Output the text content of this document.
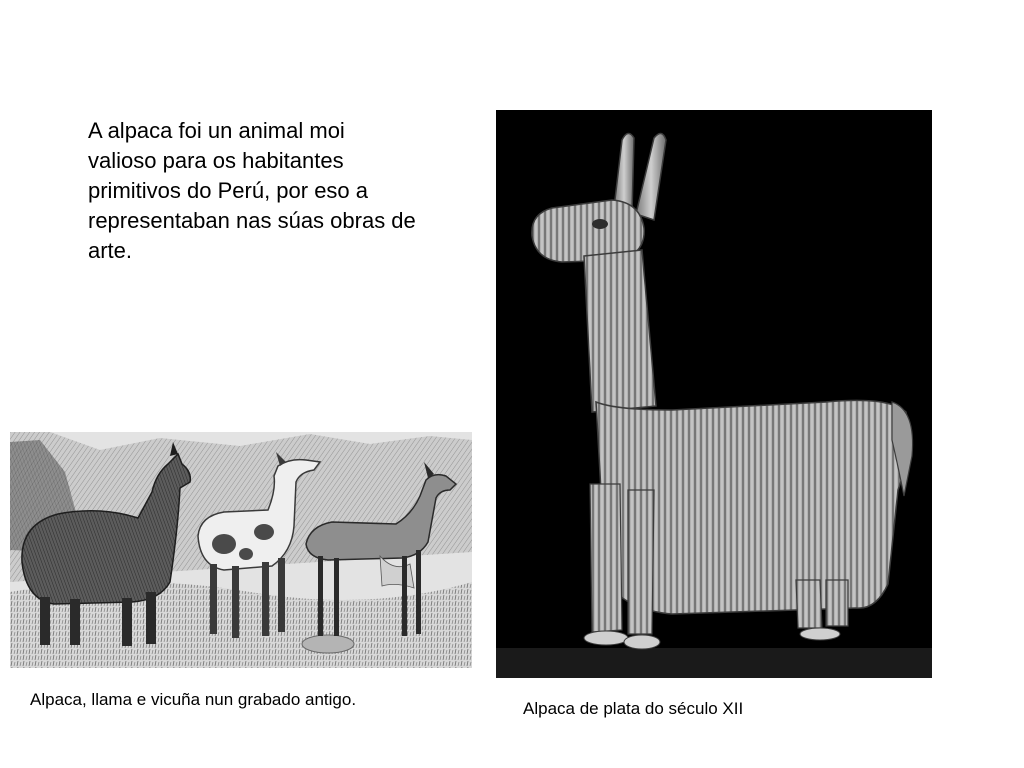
A alpaca foi un animal moi valioso para os habitantes primitivos do Perú, por eso a representaban nas súas obras de arte.

Alpaca, llama e vicuña nun grabado antigo.	Alpaca de plata do século XII
